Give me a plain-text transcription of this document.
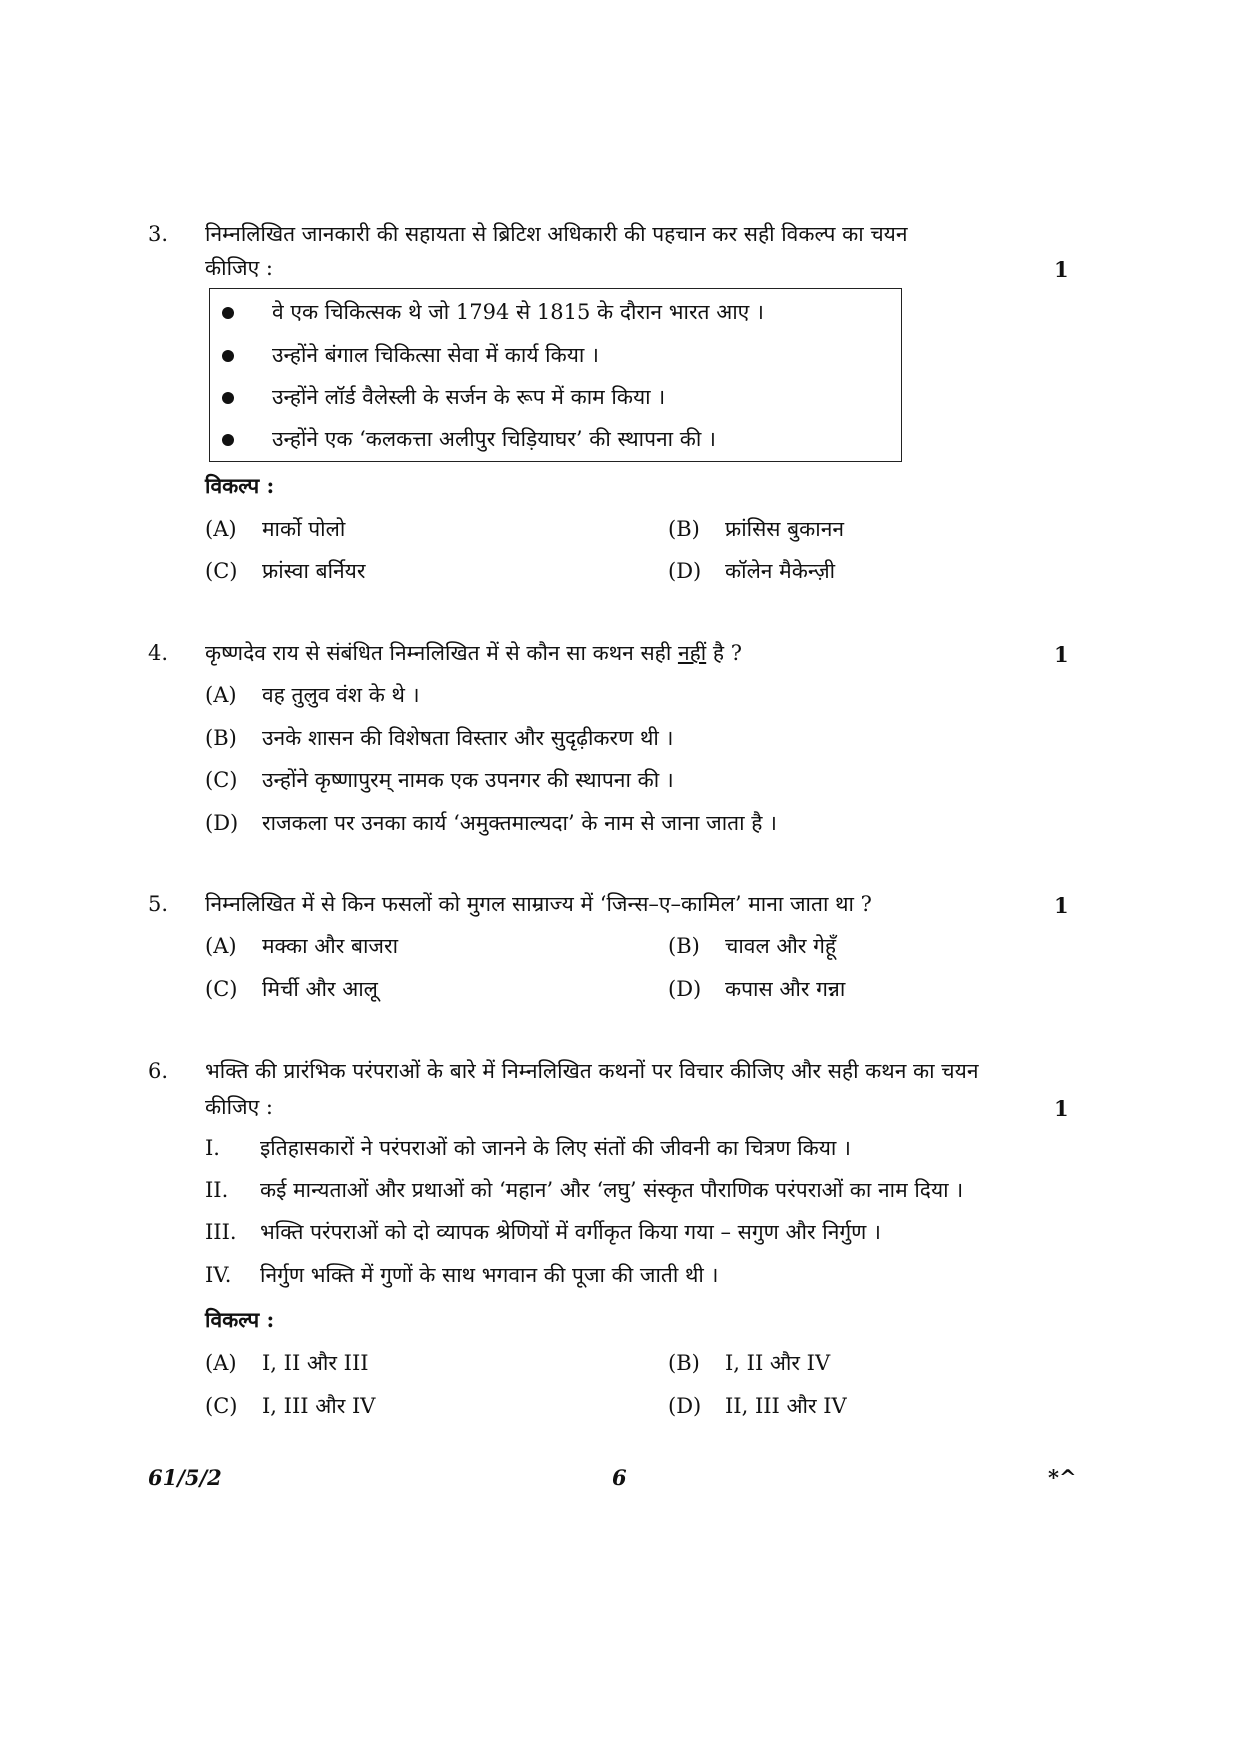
3. निम्नलिखित जानकारी की सहायता से ब्रिटिश अधिकारी की पहचान कर सही विकल्प का चयन
कीजिए :	1
वे एक चिकित्सक थे जो 1794 से 1815 के दौरान भारत आए ।
उन्होंने बंगाल चिकित्सा सेवा में कार्य किया ।
उन्होंने लॉर्ड वैलेस्ली के सर्जन के रूप में काम किया ।
उन्होंने एक ‘कलकत्ता अलीपुर चिड़ियाघर’ की स्थापना की ।
विकल्प :
(A) मार्को पोलो	(B) फ्रांसिस बुकानन
(C) फ्रांस्वा बर्नियर	(D) कॉलेन मैकेन्ज़ी
4. कृष्णदेव राय से संबंधित निम्नलिखित में से कौन सा कथन सही नहीं है ?	1
(A) वह तुलुव वंश के थे ।
(B) उनके शासन की विशेषता विस्तार और सुदृढ़ीकरण थी ।
(C) उन्होंने कृष्णापुरम् नामक एक उपनगर की स्थापना की ।
(D) राजकला पर उनका कार्य ‘अमुक्तमाल्यदा’ के नाम से जाना जाता है ।
5. निम्नलिखित में से किन फसलों को मुगल साम्राज्य में ‘जिन्स–ए–कामिल’ माना जाता था ?	1
(A) मक्का और बाजरा	(B) चावल और गेहूँ
(C) मिर्ची और आलू	(D) कपास और गन्ना
6. भक्ति की प्रारंभिक परंपराओं के बारे में निम्नलिखित कथनों पर विचार कीजिए और सही कथन का चयन
कीजिए :	1
I. इतिहासकारों ने परंपराओं को जानने के लिए संतों की जीवनी का चित्रण किया ।
II. कई मान्यताओं और प्रथाओं को ‘महान’ और ‘लघु’ संस्कृत पौराणिक परंपराओं का नाम दिया ।
III. भक्ति परंपराओं को दो व्यापक श्रेणियों में वर्गीकृत किया गया – सगुण और निर्गुण ।
IV. निर्गुण भक्ति में गुणों के साथ भगवान की पूजा की जाती थी ।
विकल्प :
(A) I, II और III	(B) I, II और IV
(C) I, III और IV	(D) II, III और IV
61/5/2	6	*^
